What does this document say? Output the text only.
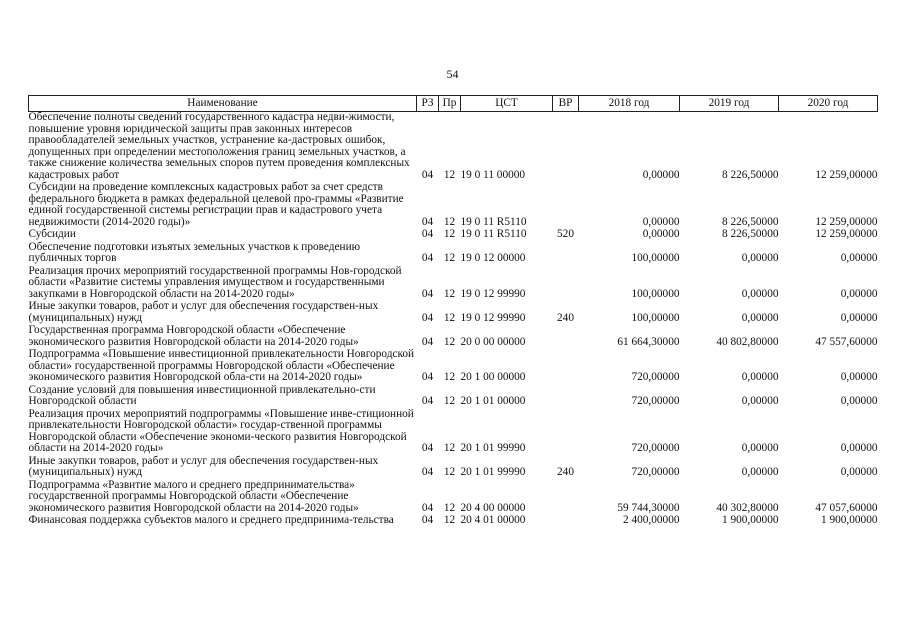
54
Наименование	РЗ	Пр	ЦСТ	ВР	2018 год	2019 год	2020 год
Обеспечение полноты сведений государственного кадастра недви-жимости, повышение уровня юридической защиты прав законных интересов правообладателей земельных участков, устранение ка-дастровых ошибок, допущенных при определении местоположения границ земельных участков, а также снижение количества земельных споров путем проведения комплексных кадастровых работ	04	12	19 0 11 00000		0,00000	8 226,50000	12 259,00000
Субсидии на проведение комплексных кадастровых работ за счет средств федерального бюджета в рамках федеральной целевой про-граммы «Развитие единой государственной системы регистрации прав и кадастрового учета недвижимости (2014-2020 годы)»	04	12	19 0 11 R5110		0,00000	8 226,50000	12 259,00000
Субсидии	04	12	19 0 11 R5110	520	0,00000	8 226,50000	12 259,00000
Обеспечение подготовки изъятых земельных участков к проведению публичных торгов	04	12	19 0 12 00000		100,00000	0,00000	0,00000
Реализация прочих мероприятий государственной программы Нов-городской области «Развитие системы управления имуществом и государственными закупками в Новгородской области на 2014-2020 годы»	04	12	19 0 12 99990		100,00000	0,00000	0,00000
Иные закупки товаров, работ и услуг для обеспечения государствен-ных (муниципальных) нужд	04	12	19 0 12 99990	240	100,00000	0,00000	0,00000
Государственная программа Новгородской области «Обеспечение экономического развития Новгородской области на 2014-2020 годы»	04	12	20 0 00 00000		61 664,30000	40 802,80000	47 557,60000
Подпрограмма «Повышение инвестиционной привлекательности Новгородской области» государственной программы Новгородской области «Обеспечение экономического развития Новгородской обла-сти на 2014-2020 годы»	04	12	20 1 00 00000		720,00000	0,00000	0,00000
Создание условий для повышения инвестиционной привлекательно-сти Новгородской области	04	12	20 1 01 00000		720,00000	0,00000	0,00000
Реализация прочих мероприятий подпрограммы «Повышение инве-стиционной привлекательности Новгородской области» государ-ственной программы Новгородской области «Обеспечение экономи-ческого развития Новгородской области на 2014-2020 годы»	04	12	20 1 01 99990		720,00000	0,00000	0,00000
Иные закупки товаров, работ и услуг для обеспечения государствен-ных (муниципальных) нужд	04	12	20 1 01 99990	240	720,00000	0,00000	0,00000
Подпрограмма «Развитие малого и среднего предпринимательства» государственной программы Новгородской области «Обеспечение экономического развития Новгородской области на 2014-2020 годы»	04	12	20 4 00 00000		59 744,30000	40 302,80000	47 057,60000
Финансовая поддержка субъектов малого и среднего предпринима-тельства	04	12	20 4 01 00000		2 400,00000	1 900,00000	1 900,00000
